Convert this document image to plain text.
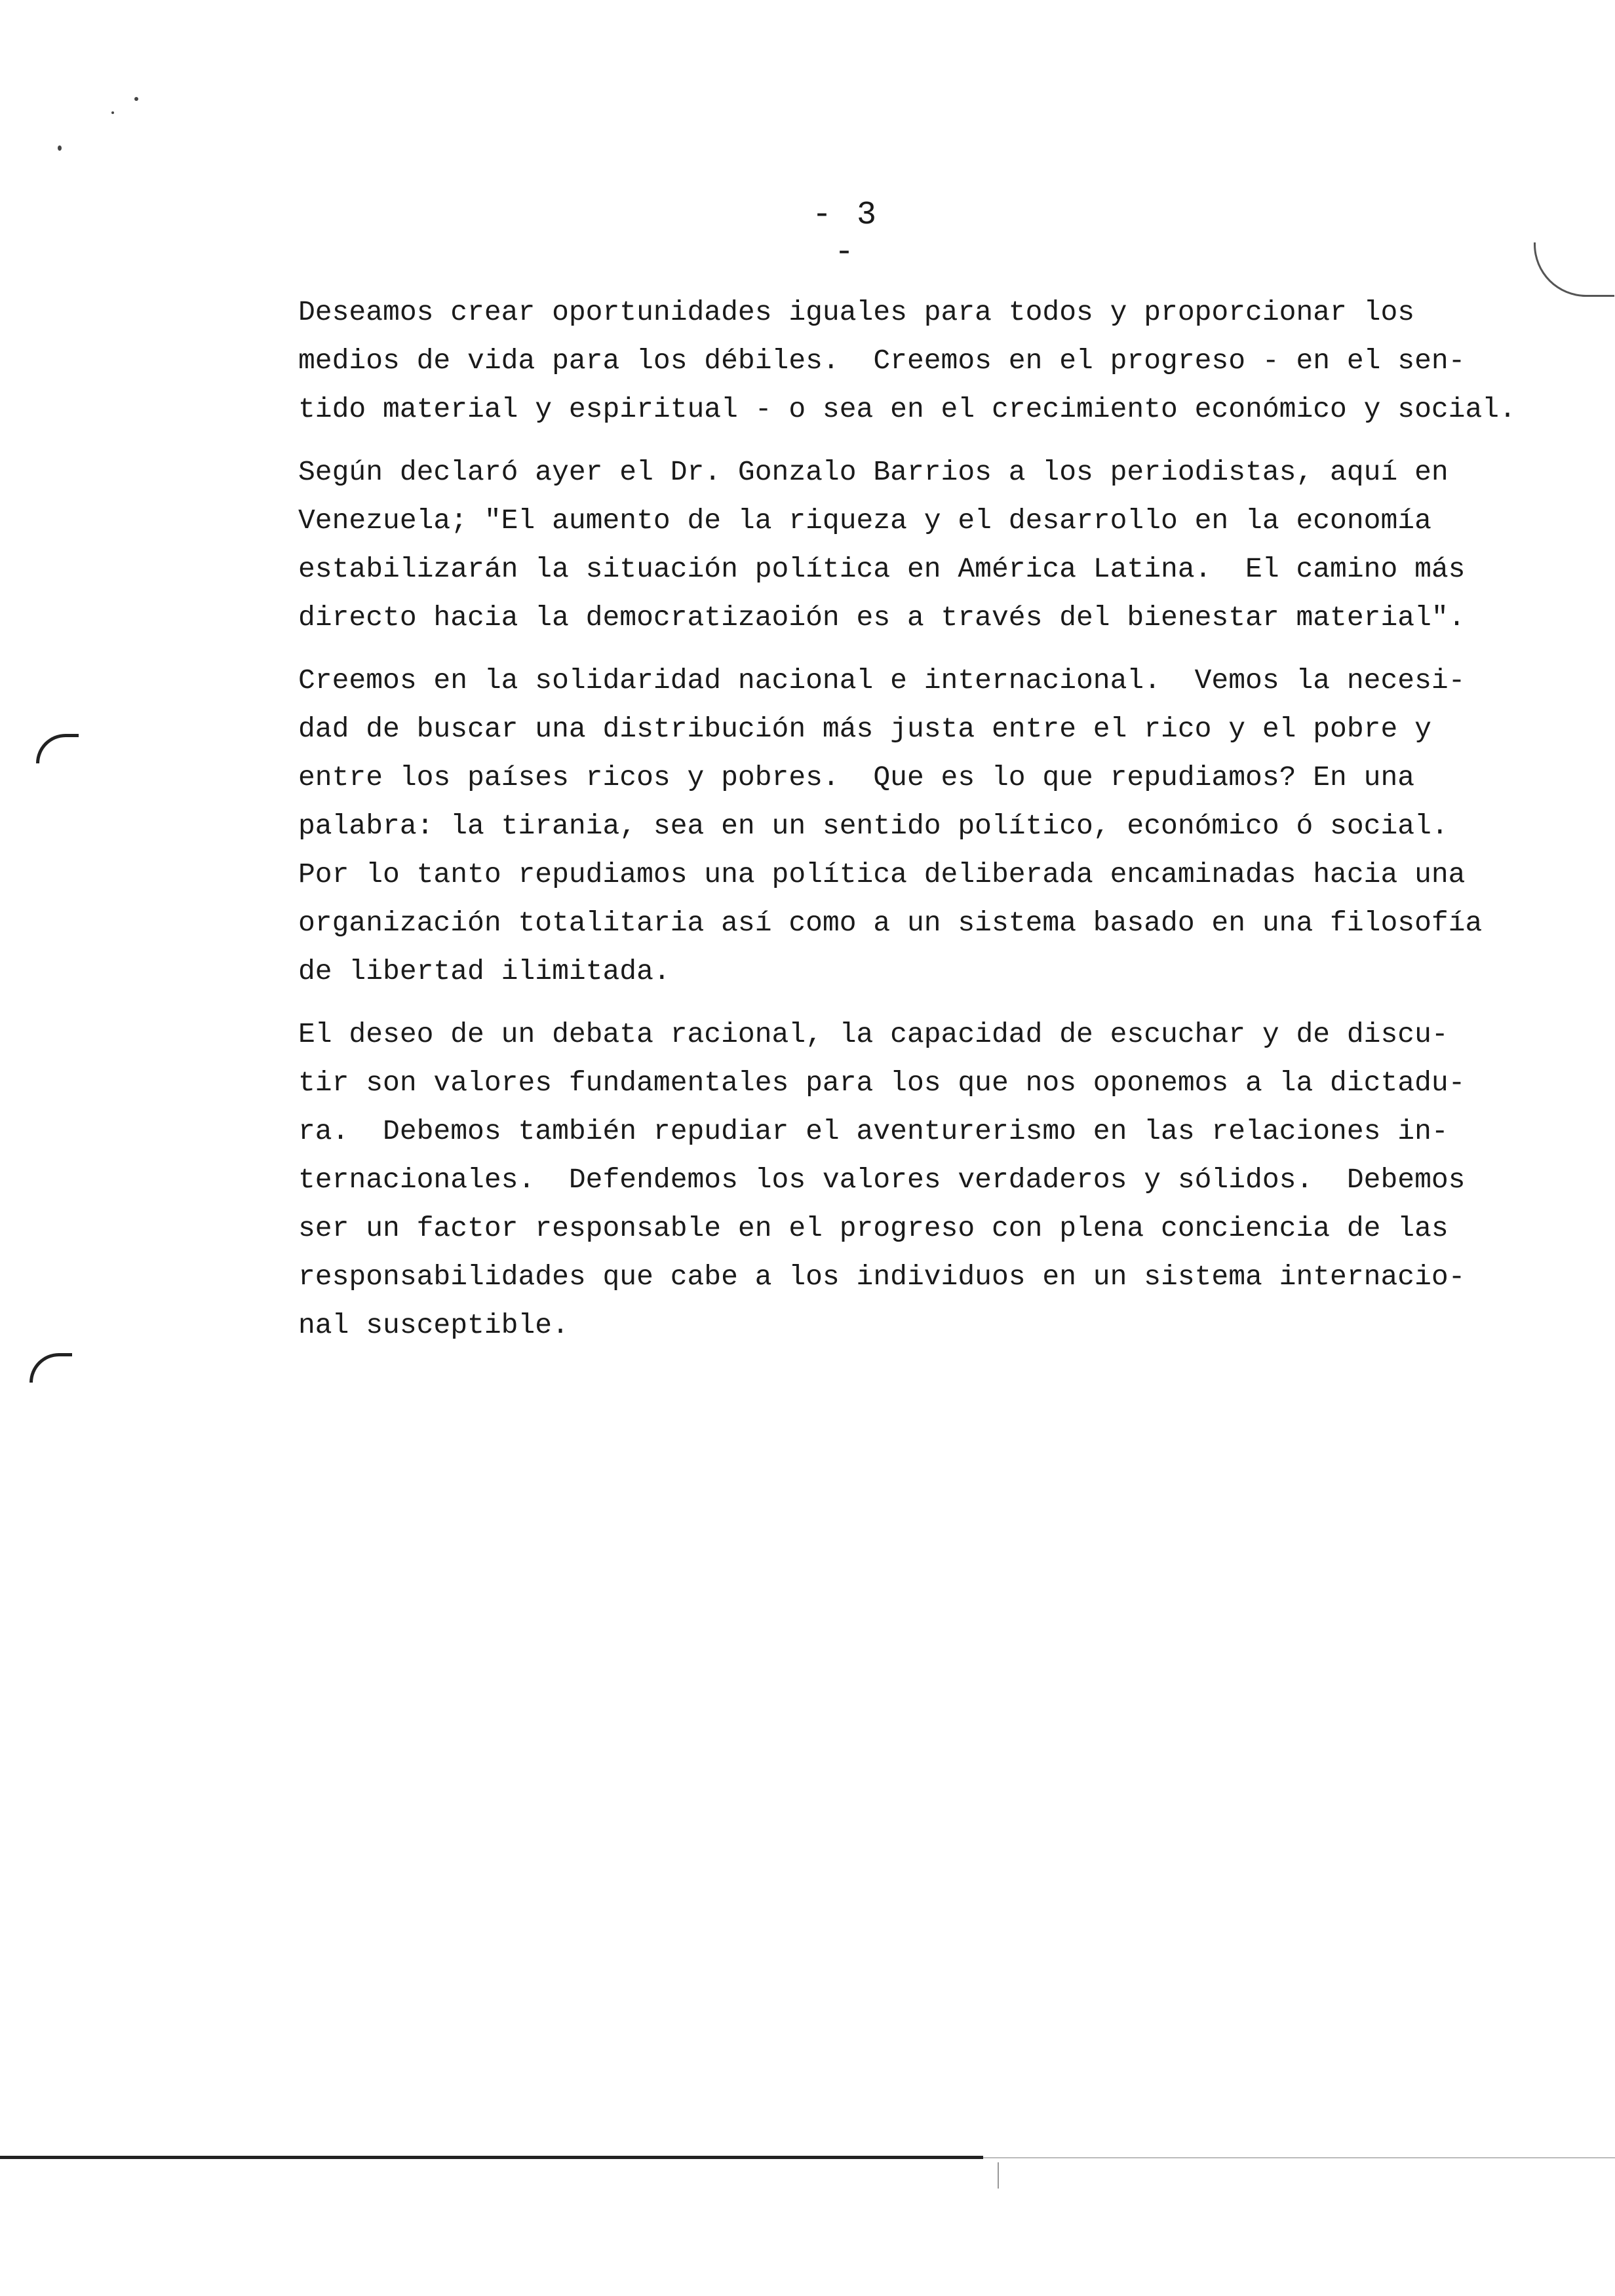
- 3 -
Deseamos crear oportunidades iguales para todos y proporcionar los
medios de vida para los débiles.  Creemos en el progreso - en el sen-
tido material y espiritual - o sea en el crecimiento económico y social.
Según declaró ayer el Dr. Gonzalo Barrios a los periodistas, aquí en
Venezuela; "El aumento de la riqueza y el desarrollo en la economía
estabilizarán la situación política en América Latina.  El camino más
directo hacia la democratizaoión es a través del bienestar material".
Creemos en la solidaridad nacional e internacional.  Vemos la necesi-
dad de buscar una distribución más justa entre el rico y el pobre y
entre los países ricos y pobres.  Que es lo que repudiamos? En una
palabra: la tirania, sea en un sentido político, económico ó social.
Por lo tanto repudiamos una política deliberada encaminadas hacia una
organización totalitaria así como a un sistema basado en una filosofía
de libertad ilimitada.
El deseo de un debata racional, la capacidad de escuchar y de discu-
tir son valores fundamentales para los que nos oponemos a la dictadu-
ra.  Debemos también repudiar el aventurerismo en las relaciones in-
ternacionales.  Defendemos los valores verdaderos y sólidos.  Debemos
ser un factor responsable en el progreso con plena conciencia de las
responsabilidades que cabe a los individuos en un sistema internacio-
nal susceptible.
